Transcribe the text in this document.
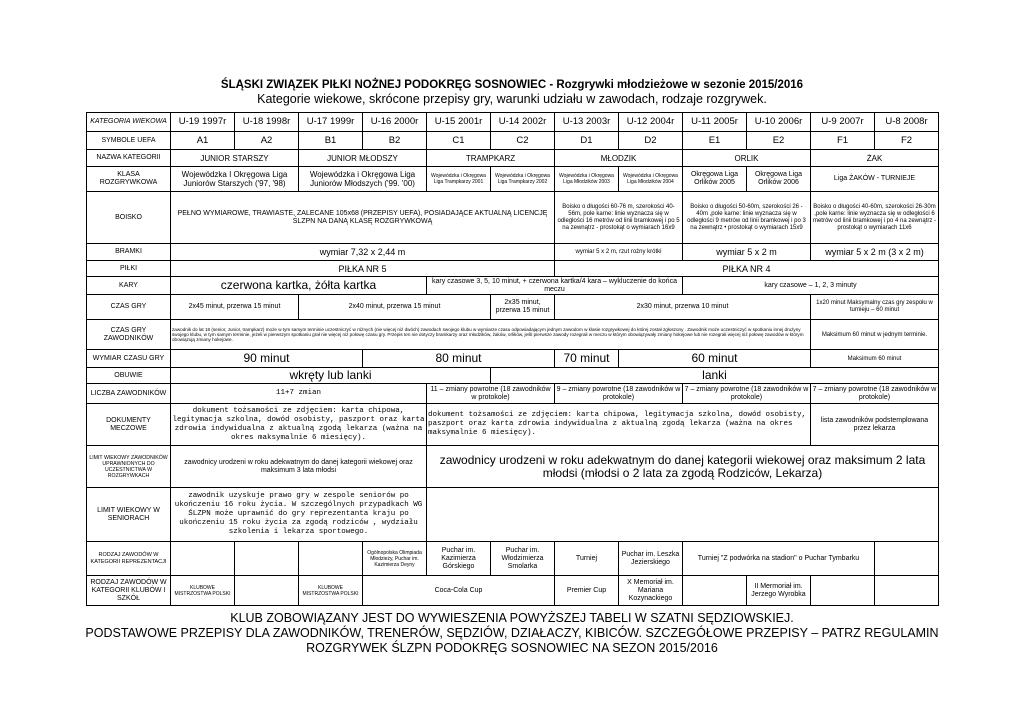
ŚLĄSKI ZWIĄZEK PIŁKI NOŻNEJ PODOKRĘG SOSNOWIEC - Rozgrywki młodzieżowe w sezonie 2015/2016
Kategorie wiekowe, skrócone przepisy gry, warunki udziału w zawodach, rodzaje rozgrywek.
KATEGORIA WIEKOWA	U-19 1997r	U-18 1998r	U-17 1999r	U-16 2000r	U-15 2001r	U-14 2002r	U-13 2003r	U-12 2004r	U-11 2005r	U-10 2006r	U-9 2007r	U-8 2008r
SYMBOLE UEFA	A1	A2	B1	B2	C1	C2	D1	D2	E1	E2	F1	F2
NAZWA KATEGORII	JUNIOR STARSZY		JUNIOR MŁODSZY		TRAMPKARZ		MŁODZIK		ORLIK		ŻAK	
KLASA ROZGRYWKOWA	Wojewódzka I Okręgowa Liga Juniorów Starszych ('97, '98)		Wojewódzka i Okręgowa Liga Juniorów Młodszych ('99. '00)		Wojewódzka i Okręgowa Liga Trampkarzy 2001	Wojewódzka i Okręgowa Liga Trampkarzy 2002	Wojewódzka i Okręgowa Liga Młodzików 2003	Wojewódzka i Okręgowa Liga Młodzików 2004	Okręgowa Liga Orlików 2005	Okręgowa Liga Orlików 2006	Liga ŻAKÓW - TURNIEJE	
BOISKO	PEŁNO WYMIAROWE, TRAWIASTE, ZALECANE 105x68 (PRZEPISY UEFA), POSIADAJĄCE AKTUALNĄ LICENCJĘ ŚLZPN NA DANĄ KLASĘ ROZGRYWKOWĄ						Boisko o długości 60-76 m, szerokości 40-56m, pole karne: linie wyznacza się w odległości 16 metrów od linii bramkowej i po 5 na zewnątrz - prostokąt o wymiarach 16x9		Boisko o długości 50-60m, szerokości 26 - 40m ,pole karne: linie wyznacza się w odległości 9 metrów od linii bramkowej i po 3 na zewnątrz • prostokąt o wymiarach 15x9		Boisko o długości 40-60m, szerokości 26-30m ,pole karne: linie wyznacza się w odległości 6 metrów od linii bramkowej i po 4 na zewnątrz - prostokąt o wymiarach 11x6	
BRAMKI	wymiar 7,32 x 2,44 m						wymiar 5 x 2 m, rzut rożny krótki		wymiar 5 x 2 m		wymiar 5 x 2 m (3 x 2 m)	
PIŁKI	PIŁKA NR 5						PIŁKA NR 4					
KARY	czerwona kartka, żółta kartka				kary czasowe 3, 5, 10 minut, + czerwona kartka/4 kara – wykluczenie do końca meczu				kary czasowe – 1, 2, 3 minuty			
CZAS GRY	2x45 minut, przerwa 15 minut		2x40 minut, przerwa 15 minut			2x35 minut, przerwa 15 minut	2x30 minut, przerwa 10 minut				1x20 minut Maksymalny czas gry zespołu w turnieju – 60 minut	
CZAS GRY ZAWODNIKÓW	zawodnik do lat 18 (senior, Junior, trampkarz) może w tym samym terminie uczestniczyć w różnych (nie więcej niż dwóch) zawodach swojego klubu w wymiarze czasu odpowiadającym jednym zawodom w klasie rozgrywkowej do której został zgłoszony . Zawodnik może uczestniczyć w spotkaniu innej drużyny swojego klubu, w tym samym terminie, jeżeli w pierwszym spotkaniu grał nie więcej niż połowę czasu gry. Przepis ten nie dotyczy bramkarzy oraz młodzików, żaków, orlików, jeśli pierwsze zawody rozegrali w meczu w którym obowiązywały zmiany hokejowe lub nie rozegrali więcej niż połowę zawodów w którym obowiązują zmiany hokejowe.										Maksimum 60 minut w jednym terminie.	
WYMIAR CZASU GRY	90 minut			80 minut			70 minut	60 minut			Maksimum 60 minut	
OBUWIE	wkręty lub lanki					lanki						
LICZBA ZAWODNIKÓW	11+7 zmian				11 – zmiany powrotne (18 zawodników w protokole)		9 – zmiany powrotne (18 zawodników w protokole)		7 – zmiany powrotne (18 zawodników w protokole)		7 – zmiany powrotne (18 zawodników w protokole)	
DOKUMENTY MECZOWE	dokument tożsamości ze zdjęciem: karta chipowa, legitymacja szkolna, dowód osobisty, paszport oraz karta zdrowia indywidualna z aktualną zgodą lekarza (ważna na okres maksymalnie 6 miesięcy).				dokument tożsamości ze zdjęciem: karta chipowa, legitymacja szkolna, dowód osobisty, paszport oraz karta zdrowia indywidualna z aktualną zgodą lekarza (ważna na okres maksymalnie 6 miesięcy).						lista zawodników podstemplowana przez lekarza	
LIMIT WIEKOWY ZAWODNIKÓW UPRAWNIONYCH DO UCZESTNICTWA W ROZGRYWKACH	zawodnicy urodzeni w roku adekwatnym do danej kategorii wiekowej oraz maksimum 3 lata młodsi				zawodnicy urodzeni w roku adekwatnym do danej kategorii wiekowej oraz maksimum 2 lata młodsi (młodsi o 2 lata za zgodą Rodziców, Lekarza)							
LIMIT WIEKOWY W SENIORACH	zawodnik uzyskuje prawo gry w zespole seniorów po ukończeniu 16 roku życia. W szczególnych przypadkach WG ŚLZPN może uprawnić do gry reprezentanta kraju po ukończeniu 15 roku życia za zgodą rodziców , wydziału szkolenia i lekarza sportowego.											
RODZAJ ZAWODÓW W KATEGORII REPREZENTACJI				Ogólnopolska Olimpiada Młodzieży, Puchar im. Kazimierza Deyny	Puchar im. Kazimierza Górskiego	Puchar im. Włodzimierza Smolarka	Turniej	Puchar im. Leszka Jezierskiego	Turniej "Z podwórka na stadion" o Puchar Tymbarku			
RODZAJ ZAWODÓW W KATEGORII KLUBÓW I SZKÓŁ	KLUBOWE MISTRZOSTWA POLSKI		KLUBOWE MISTRZOSTWA POLSKI	Coca-Cola Cup			Premier Cup	X Memoriał im. Mariana Kozynackiego		II Mermoriał im. Jerzego Wyrobka		
KLUB ZOBOWIĄZANY JEST DO WYWIESZENIA POWYŻSZEJ TABELI W SZATNI SĘDZIOWSKIEJ.
PODSTAWOWE PRZEPISY DLA ZAWODNIKÓW, TRENERÓW, SĘDZIÓW, DZIAŁACZY, KIBICÓW. SZCZEGÓŁOWE PRZEPISY – PATRZ REGULAMIN ROZGRYWEK ŚLZPN PODOKRĘG SOSNOWIEC NA SEZON 2015/2016
